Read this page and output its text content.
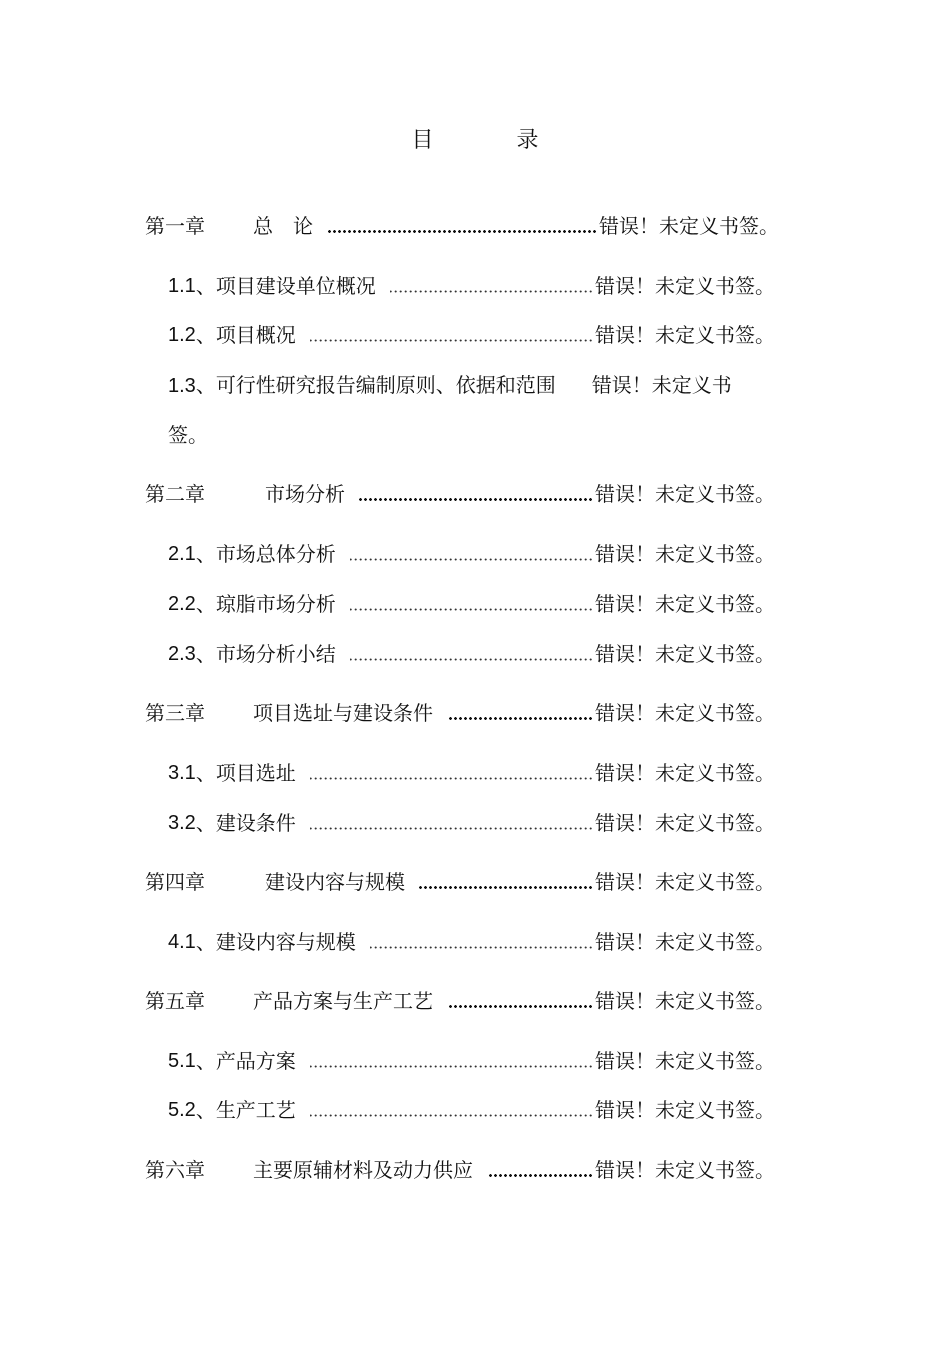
目 录
第一章	总　论	错误！未定义书签。
1.1 、 项目建设单位概况	错误！未定义书签。
1.2 、 项目概况	错误！未定义书签。
1.3、可行性研究报告编制原则、依据和范围 错误！未定义书
签。
第二章	市场分析	错误！未定义书签。
2.1 、 市场总体分析	错误！未定义书签。
2.2 、 琼脂市场分析	错误！未定义书签。
2.3 、 市场分析小结	错误！未定义书签。
第三章	项目选址与建设条件	错误！未定义书签。
3.1 、 项目选址	错误！未定义书签。
3.2 、 建设条件	错误！未定义书签。
第四章	建设内容与规模	错误！未定义书签。
4.1 、 建设内容与规模	错误！未定义书签。
第五章	产品方案与生产工艺	错误！未定义书签。
5.1 、 产品方案	错误！未定义书签。
5.2 、 生产工艺	错误！未定义书签。
第六章	主要原辅材料及动力供应	错误！未定义书签。
